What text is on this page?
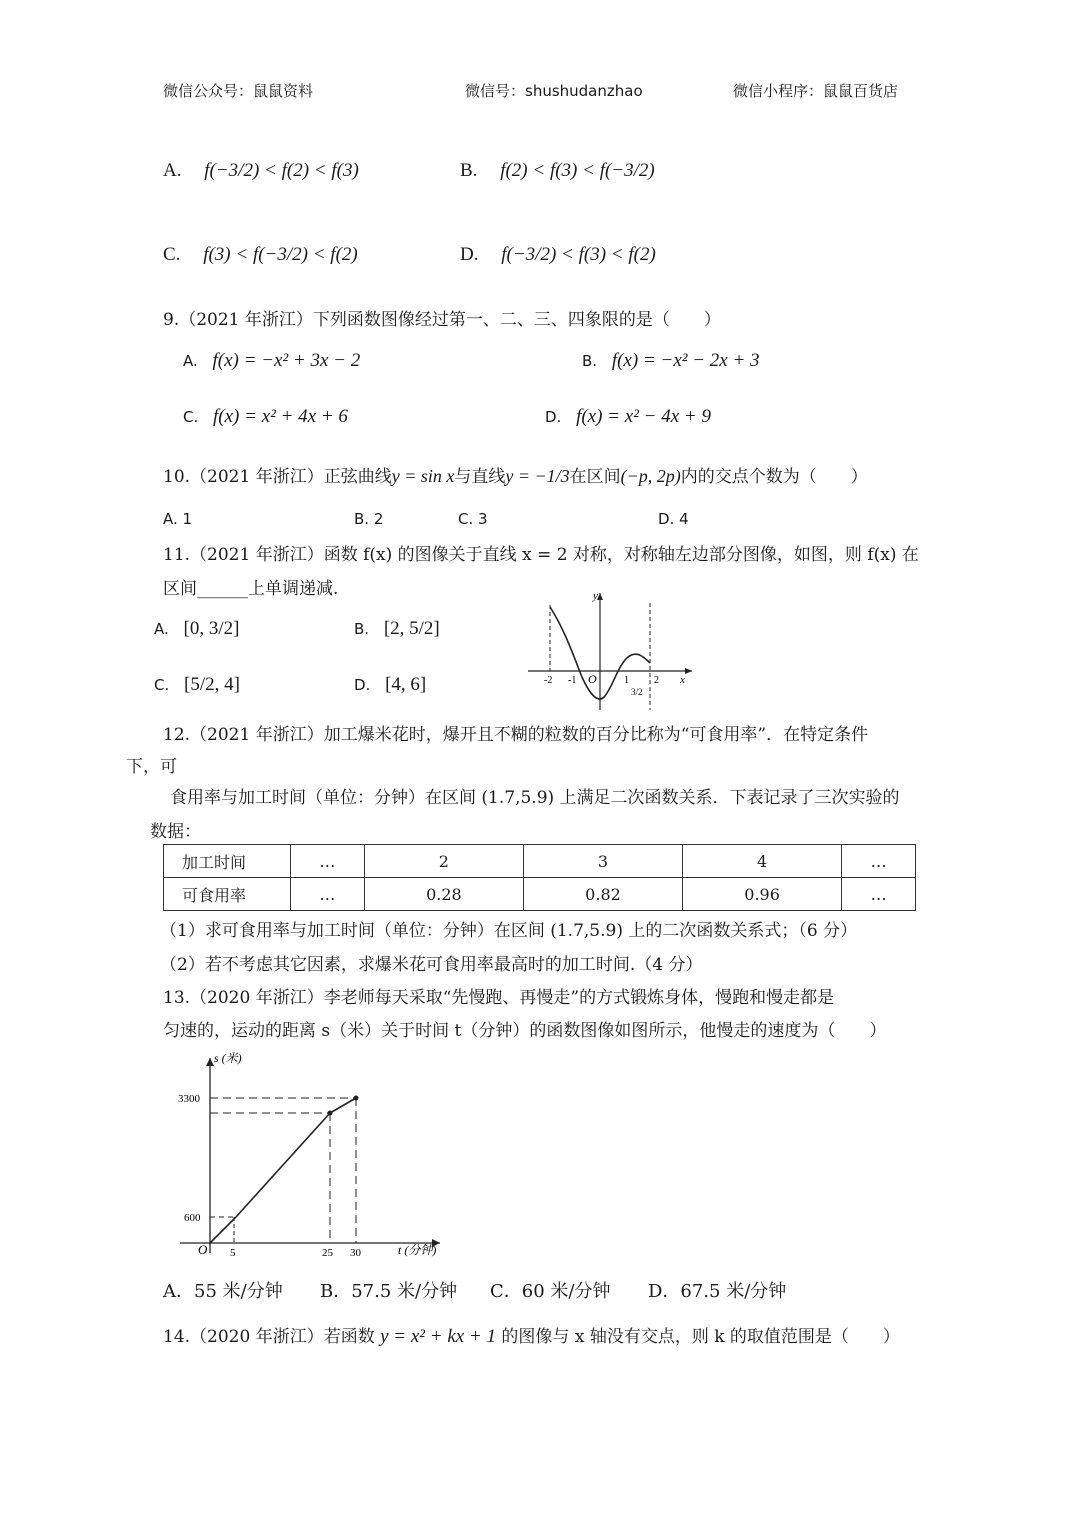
微信公众号：鼠鼠资料	微信号：shushudanzhao	微信小程序：鼠鼠百货店
A. f(−3/2) < f(2) < f(3)	B. f(2) < f(3) < f(−3/2)
C. f(3) < f(−3/2) < f(2)	D. f(−3/2) < f(3) < f(2)
9.（2021 年浙江）下列函数图像经过第一、二、三、四象限的是（　　）
A. f(x) = −x² + 3x − 2	B. f(x) = −x² − 2x + 3
C. f(x) = x² + 4x + 6	D. f(x) = x² − 4x + 9
10.（2021 年浙江）正弦曲线y = sin x与直线y = −1/3在区间(−p, 2p)内的交点个数为（　　）
A. 1	B. 2	C. 3	D. 4
11.（2021 年浙江）函数 f(x) 的图像关于直线 x = 2 对称，对称轴左边部分图像，如图，则 f(x) 在
区间______上单调递减.
A. [0, 3/2]	B. [2, 5/2]
C. [5/2, 4]	D. [4, 6]
y
x
O
-2 -1	1
3/2
2
12.（2021 年浙江）加工爆米花时，爆开且不糊的粒数的百分比称为“可食用率”．在特定条件
下，可
食用率与加工时间（单位：分钟）在区间 (1.7,5.9) 上满足二次函数关系．下表记录了三次实验的
数据：
加工时间	…	2	3	4	…
可食用率	…	0.28	0.82	0.96	…
（1）求可食用率与加工时间（单位：分钟）在区间 (1.7,5.9) 上的二次函数关系式；（6 分）
（2）若不考虑其它因素，求爆米花可食用率最高时的加工时间.（4 分）
13.（2020 年浙江）李老师每天采取“先慢跑、再慢走”的方式锻炼身体，慢跑和慢走都是
匀速的，运动的距离 s（米）关于时间 t（分钟）的函数图像如图所示，他慢走的速度为（　　）
s (米)
t (分钟)
O
3300
600
5	25 30
A．55 米/分钟 B．57.5 米/分钟 C．60 米/分钟 D．67.5 米/分钟
14.（2020 年浙江）若函数 y = x² + kx + 1 的图像与 x 轴没有交点，则 k 的取值范围是（　　）
